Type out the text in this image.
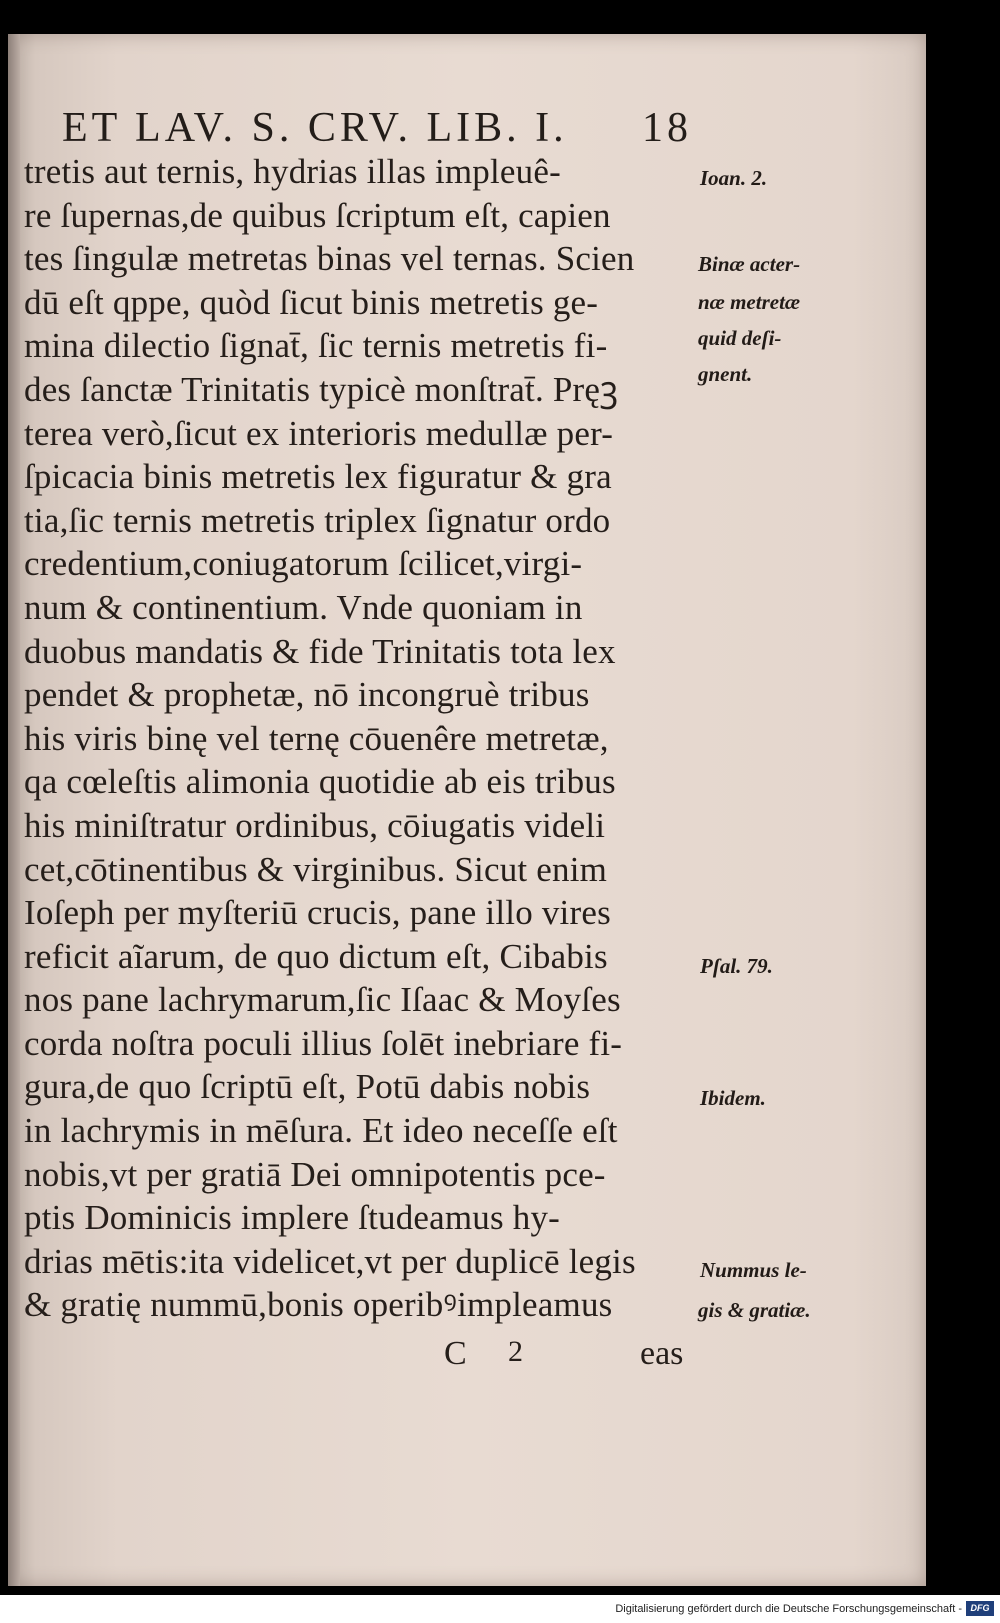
ET LAV. S. CRV. LIB. I. 18
tretis aut ternis, hydrias illas impleuê-
re ſupernas,de quibus ſcriptum eſt, capien
tes ſingulæ metretas binas vel ternas. Scien
dū eſt qppe, quòd ſicut binis metretis ge-
mina dilectio ſignat̄, ſic ternis metretis fi-
des ſanctæ Trinitatis typicè monſtrat̄. Pręꝫ
terea verò,ſicut ex interioris medullæ per-
ſpicacia binis metretis lex figuratur & gra
tia,ſic ternis metretis triplex ſignatur ordo
credentium,coniugatorum ſcilicet,virgi-
num & continentium. Vnde quoniam in
duobus mandatis & fide Trinitatis tota lex
pendet & prophetæ, nō incongruè tribus
his viris binę vel ternę cōuenêre metretæ,
qa cœleſtis alimonia quotidie ab eis tribus
his miniſtratur ordinibus, cōiugatis videli
cet,cōtinentibus & virginibus. Sicut enim
Ioſeph per myſteriū crucis, pane illo vires
reficit aĩarum, de quo dictum eſt, Cibabis
nos pane lachrymarum,ſic Iſaac & Moyſes
corda noſtra poculi illius ſolēt inebriare fi-
gura,de quo ſcriptū eſt, Potū dabis nobis
in lachrymis in mēſura. Et ideo neceſſe eſt
nobis,vt per gratiā Dei omnipotentis pce-
ptis Dominicis implere ſtudeamus hy-
drias mētis:ita videlicet,vt per duplicē legis
& gratię nummū,bonis operibꝰimpleamus
Ioan. 2.
Binæ acter-
næ metretæ
quid deſi-
gnent.
Pſal. 79.
Ibidem.
Nummus le-
gis & gratiæ.
C 2	eas
Digitalisierung gefördert durch die Deutsche Forschungsgemeinschaft - DFG
